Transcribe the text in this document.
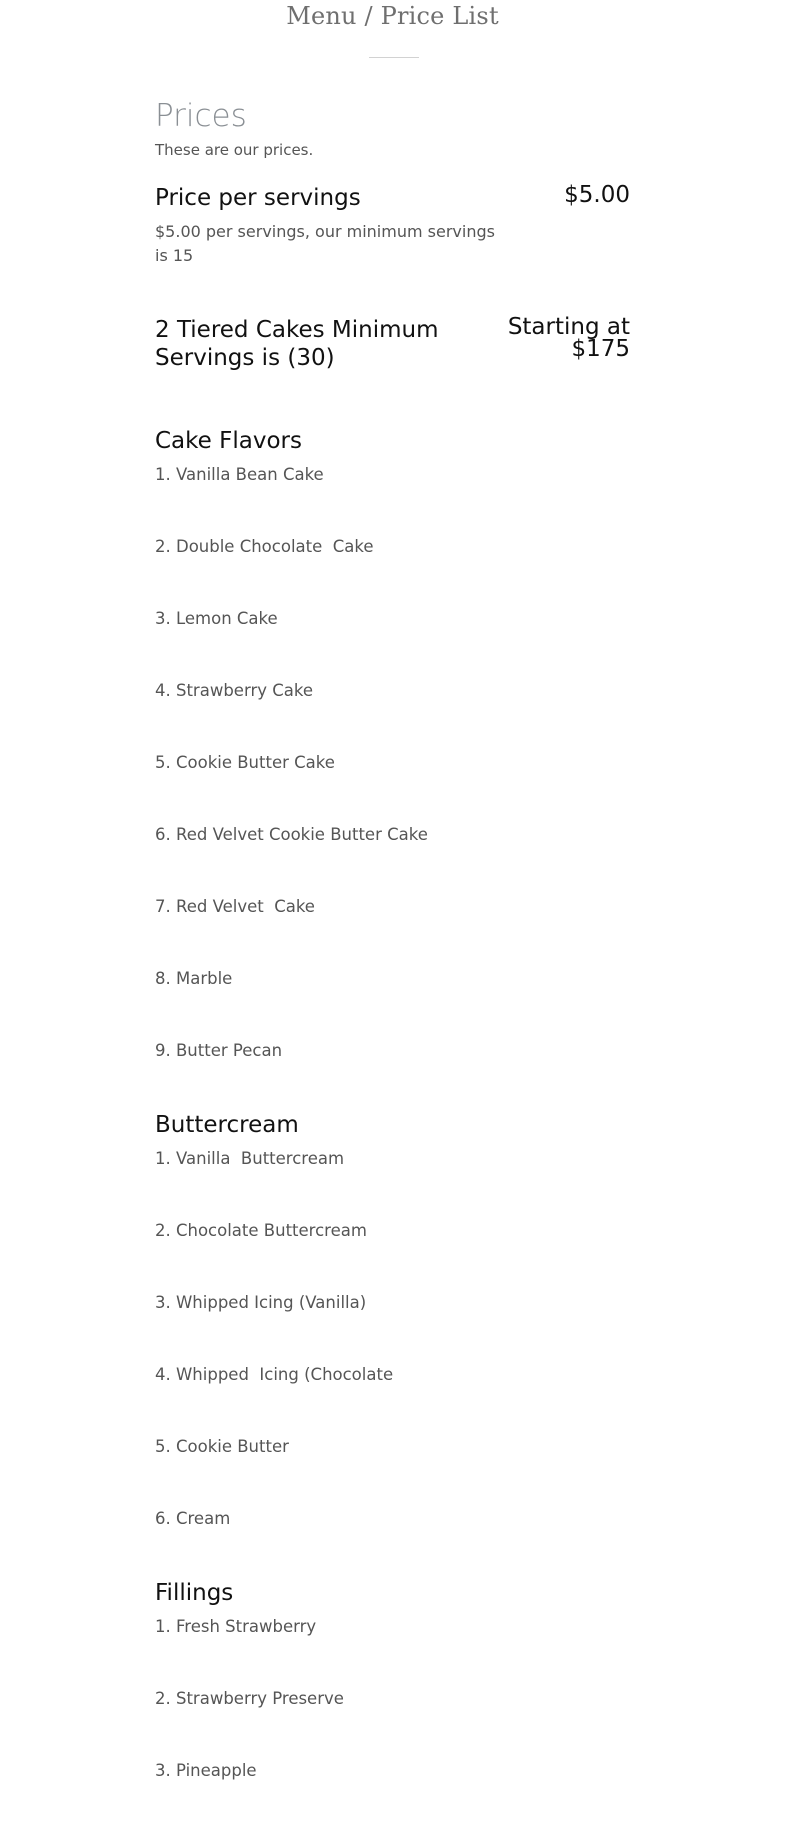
Menu / Price List
Prices
These are our prices.
Price per servings	$5.00
$5.00 per servings, our minimum servings is 15
2 Tiered Cakes Minimum Servings is (30)
Starting at $175
Cake Flavors
1. Vanilla Bean Cake
2. Double Chocolate  Cake
3. Lemon Cake
4. Strawberry Cake
5. Cookie Butter Cake
6. Red Velvet Cookie Butter Cake
7. Red Velvet  Cake
8. Marble
9. Butter Pecan
Buttercream
1. Vanilla  Buttercream
2. Chocolate Buttercream
3. Whipped Icing (Vanilla)
4. Whipped  Icing (Chocolate
5. Cookie Butter
6. Cream
Fillings
1. Fresh Strawberry
2. Strawberry Preserve
3. Pineapple
